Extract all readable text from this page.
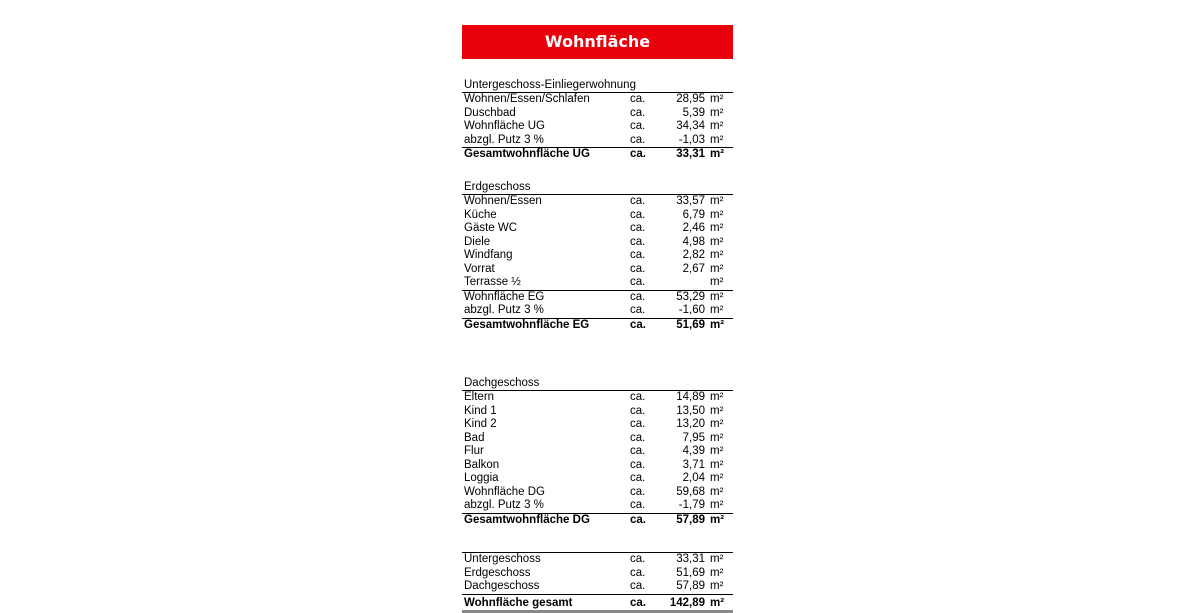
Wohnfläche
Untergeschoss-Einliegerwohnung
Wohnen/Essen/Schlafen	ca.	28,95 m²
Duschbad	ca.	5,39 m²
Wohnfläche UG	ca.	34,34 m²
abzgl. Putz 3 %	ca.	-1,03 m²
Gesamtwohnfläche UG	ca.	33,31 m²
Erdgeschoss
Wohnen/Essen	ca.	33,57 m²
Küche	ca.	6,79 m²
Gäste WC	ca.	2,46 m²
Diele	ca.	4,98 m²
Windfang	ca.	2,82 m²
Vorrat	ca.	2,67 m²
Terrasse ½	ca.	m²
Wohnfläche EG	ca.	53,29 m²
abzgl. Putz 3 %	ca.	-1,60 m²
Gesamtwohnfläche EG	ca.	51,69 m²
Dachgeschoss
Eltern	ca.	14,89 m²
Kind 1	ca.	13,50 m²
Kind 2	ca.	13,20 m²
Bad	ca.	7,95 m²
Flur	ca.	4,39 m²
Balkon	ca.	3,71 m²
Loggia	ca.	2,04 m²
Wohnfläche DG	ca.	59,68 m²
abzgl. Putz 3 %	ca.	-1,79 m²
Gesamtwohnfläche DG	ca.	57,89 m²
Untergeschoss	ca.	33,31 m²
Erdgeschoss	ca.	51,69 m²
Dachgeschoss	ca.	57,89 m²
Wohnfläche gesamt	ca. 142,89 m²
